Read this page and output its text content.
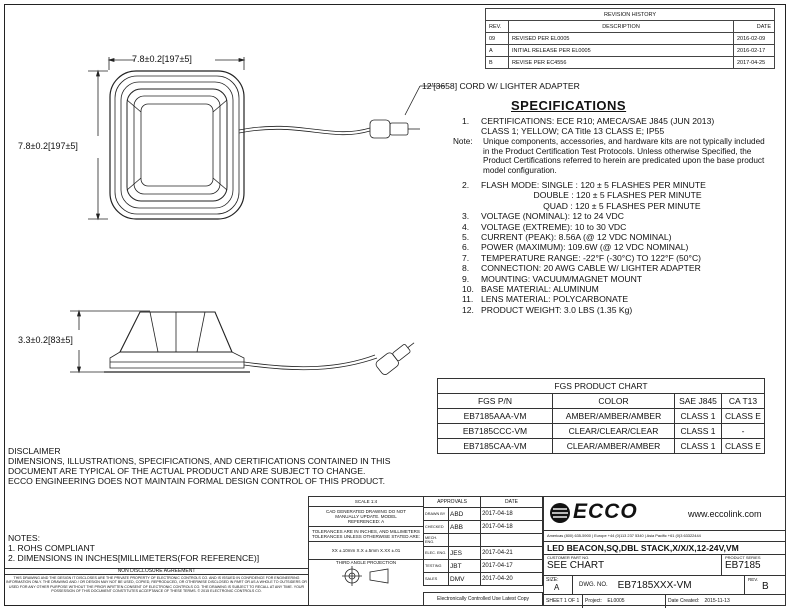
REVISION HISTORY		
REV.	DESCRIPTION	DATE
09	REVISED PER EL0005	2016-02-09
A	INITIAL RELEASE PER EL0005	2016-02-17
B	REVISE PER EC4556	2017-04-25
7.8±0.2[197±5]
7.8±0.2[197±5]
3.3±0.2[83±5]
12'[3658] CORD W/ LIGHTER ADAPTER
SPECIFICATIONS
1.	CERTIFICATIONS: ECE R10; AMECA/SAE J845 (JUN 2013)
CLASS 1; YELLOW; CA Title 13 CLASS E; IP55
Note:	Unique components, accessories, and hardware kits are not typically included in the Product Certification Test Protocols. Unless otherwise Specified, the Product Certifications referred to herein are predicated upon the base product model configuration.
2.	FLASH MODE: SINGLE : 120 ± 5 FLASHES PER MINUTE
DOUBLE : 120 ± 5 FLASHES PER MINUTE
QUAD : 120 ± 5 FLASHES PER MINUTE
3.	VOLTAGE (NOMINAL): 12 to 24 VDC
4.	VOLTAGE (EXTREME): 10 to 30 VDC
5.	CURRENT (PEAK): 8.56A (@ 12 VDC NOMINAL)
6.	POWER (MAXIMUM): 109.6W (@ 12 VDC NOMINAL)
7.	TEMPERATURE RANGE: -22°F (-30°C) TO 122°F (50°C)
8.	CONNECTION: 20 AWG CABLE W/ LIGHTER ADAPTER
9.	MOUNTING: VACUUM/MAGNET MOUNT
10. BASE MATERIAL: ALUMINUM
11. LENS MATERIAL: POLYCARBONATE
12. PRODUCT WEIGHT: 3.0 LBS (1.35 Kg)
FGS PRODUCT CHART			
FGS P/N	COLOR	SAE J845	CA T13
EB7185AAA-VM	AMBER/AMBER/AMBER	CLASS 1	CLASS E
EB7185CCC-VM	CLEAR/CLEAR/CLEAR	CLASS 1	-
EB7185CAA-VM	CLEAR/AMBER/AMBER	CLASS 1	CLASS E
DISCLAIMER
DIMENSIONS, ILLUSTRATIONS, SPECIFICATIONS, AND CERTIFICATIONS CONTAINED IN THIS
DOCUMENT ARE TYPICAL OF THE ACTUAL PRODUCT AND ARE SUBJECT TO CHANGE.
ECCO ENGINEERING DOES NOT MAINTAIN FORMAL DESIGN CONTROL OF THIS PRODUCT.
NOTES:
1. ROHS COMPLIANT
2. DIMENSIONS IN INCHES[MILLIMETERS(FOR REFERENCE)]
NON DISCLOSURE AGREEMENT
THIS DRAWING AND THE DESIGN IT DISCLOSES ARE THE PRIVATE PROPERTY OF ELECTRONIC CONTROLS CO. AND IS ISSUED IN CONFIDENCE FOR ENGINEERING INFORMATION ONLY. THE DRAWING AND / OR DESIGN MAY NOT BE USED, COPIED, REPRODUCED, OR OTHERWISE DISCLOSED IN PART OR AS A WHOLE TO OUTSIDERS OR USED FOR ANY OTHER PURPOSE WITHOUT THE PRIOR WRITTEN CONSENT OF ELECTRONIC CONTROLS CO. THE DRAWING IS SUBJECT TO RECALL AT ANY TIME. YOUR POSSESSION OF THIS DOCUMENT CONSTITUTES ACCEPTANCE OF THESE TERMS. © 2015 ELECTRONIC CONTROLS CO.
SCALE 1:4
CAD GENERATED DRAWING DO NOT MANUALLY UPDATE. MODEL REFERENCED: A
TOLERANCES ARE IN INCHES, AND MILLIMETERS TOLERANCES UNLESS OTHERWISE STATED ARE:
XX ±.10mm X.X ±.5mm X.XX ±.01
THIRD ANGLE PROJECTION
APPROVALS		DATE
DRAWN BY	ABD	2017-04-18
CHECKED	ABB	2017-04-18
MECH. ENG.		
ELEC. ENG.	JES	2017-04-21
TESTING	JBT	2017-04-17
SALES	DMV	2017-04-20
Electronically Controlled Use Latest Copy
ECCO	www.eccolink.com
Americas (800) 635-5900 | Europe +44 (0)113 237 5340 | Asia Pacific +61 (0)3 63322444
LED BEACON,SQ,DBL STACK,X/X/X,12-24V,VM
CUSTOMER PART NO.
SEE CHART
PRODUCT SERIES
EB7185
SIZE:
A	DWG. NO. EB7185XXX-VM	REV.
B
SHEET 1 OF 1	Project: EL0005	Date Created: 2015-11-13
